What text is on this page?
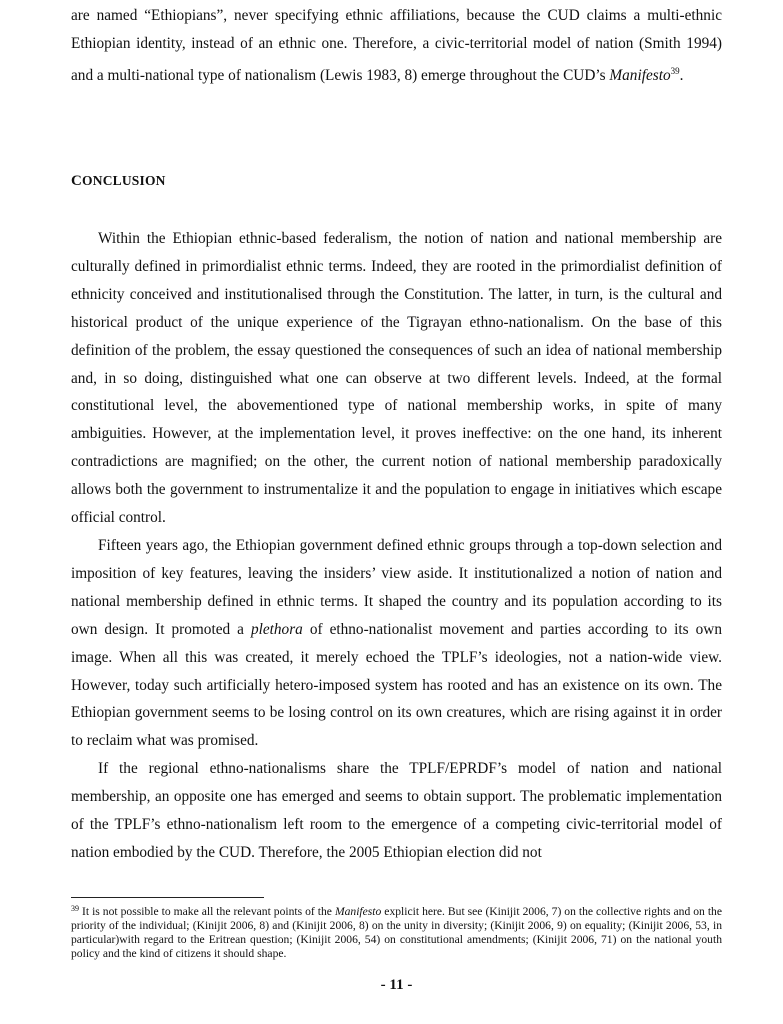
are named “Ethiopians”, never specifying ethnic affiliations, because the CUD claims a multi-ethnic Ethiopian identity, instead of an ethnic one. Therefore, a civic-territorial model of nation (Smith 1994) and a multi-national type of nationalism (Lewis 1983, 8) emerge throughout the CUD’s Manifesto$^{39}$.

CONCLUSION

Within the Ethiopian ethnic-based federalism, the notion of nation and national membership are culturally defined in primordialist ethnic terms. Indeed, they are rooted in the primordialist definition of ethnicity conceived and institutionalised through the Constitution. The latter, in turn, is the cultural and historical product of the unique experience of the Tigrayan ethno-nationalism. On the base of this definition of the problem, the essay questioned the consequences of such an idea of national membership and, in so doing, distinguished what one can observe at two different levels. Indeed, at the formal constitutional level, the abovementioned type of national membership works, in spite of many ambiguities. However, at the implementation level, it proves ineffective: on the one hand, its inherent contradictions are magnified; on the other, the current notion of national membership paradoxically allows both the government to instrumentalize it and the population to engage in initiatives which escape official control.

Fifteen years ago, the Ethiopian government defined ethnic groups through a top-down selection and imposition of key features, leaving the insiders’ view aside. It institutionalized a notion of nation and national membership defined in ethnic terms. It shaped the country and its population according to its own design. It promoted a plethora of ethno-nationalist movement and parties according to its own image. When all this was created, it merely echoed the TPLF’s ideologies, not a nation-wide view. However, today such artificially hetero-imposed system has rooted and has an existence on its own. The Ethiopian government seems to be losing control on its own creatures, which are rising against it in order to reclaim what was promised.

If the regional ethno-nationalisms share the TPLF/EPRDF’s model of nation and national membership, an opposite one has emerged and seems to obtain support. The problematic implementation of the TPLF’s ethno-nationalism left room to the emergence of a competing civic-territorial model of nation embodied by the CUD. Therefore, the 2005 Ethiopian election did not

$^{39}$ It is not possible to make all the relevant points of the Manifesto explicit here. But see (Kinijit 2006, 7) on the collective rights and on the priority of the individual; (Kinijit 2006, 8) and (Kinijit 2006, 8) on the unity in diversity; (Kinijit 2006, 9) on equality; (Kinijit 2006, 53, in particular)with regard to the Eritrean question; (Kinijit 2006, 54) on constitutional amendments; (Kinijit 2006, 71) on the national youth policy and the kind of citizens it should shape.
- 11 -
